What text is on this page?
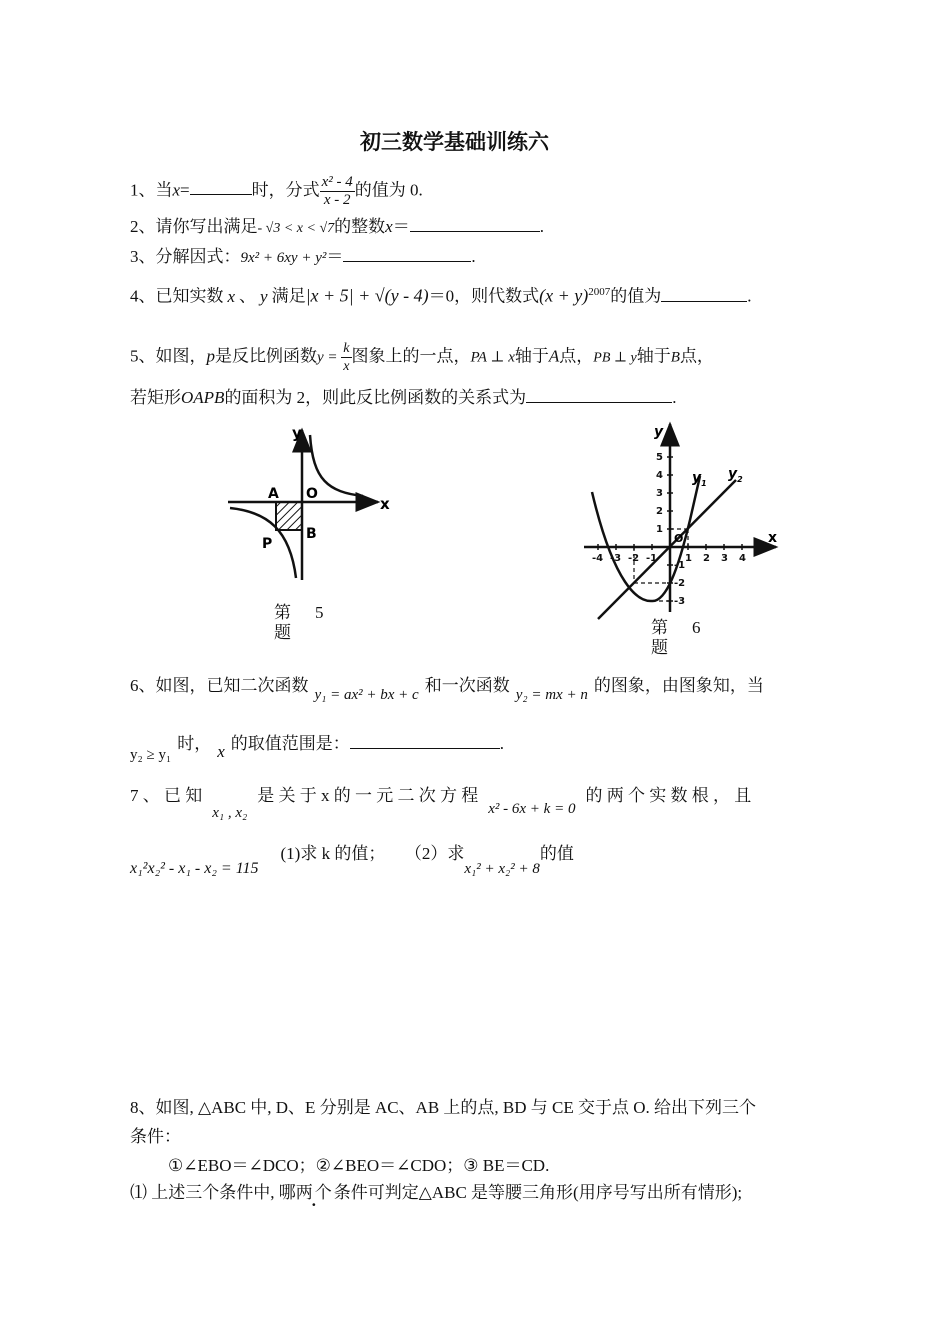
初三数学基础训练六
1、当x=	时，分式 $\frac{\text{x² - 4}}{x - 2}$ 的值为 0.
2、请你写出满足- √3 < x < √7的整数x＝	.
3、分解因式：9x² + 6xy + y²＝	.
4、已知实数 x 、 y 满足|x + 5| + √(y - 4)＝0，则代数式$(x + y)^{2007}$的值为	.
5、如图，p是反比例函数$y = \frac{k}{x}$ 图象上的一点，PA ⊥ x轴于A点，PB ⊥ y轴于B点，
若矩形OAPB的面积为 2，则此反比例函数的关系式为	.
y
x
A O
B
P
第 5
题
-4 -3 -2 -1	1 2 3 4
5
4
3
2
1
-1
-2
-3
O
y
x
$y_1$
$y_2$
第 6
题
6、如图，已知二次函数 y₁ = ax² + bx + c 和一次函数 y₂ = mx + n 的图象，由图象知，当
y₂ ≥ y₁时， x 的取值范围是：	.
7 、 已 知x₁ , x₂是 关 于 x 的 一 元 二 次 方 程x² - 6x + k = 0的 两 个 实 数 根 ， 且
x₁²x₂² - x₁ - x₂ = 115(1)求 k 的值； （2）求x₁² + x₂² + 8的值
8、如图, △ABC 中, D、E 分别是 AC、AB 上的点, BD 与 CE 交于点 O. 给出下列三个
条件：
①∠EBO＝∠DCO；②∠BEO＝∠CDO；③ BE＝CD.
⑴ 上述三个条件中, 哪两个条件可判定△ABC 是等腰三角形(用序号写出所有情形);
